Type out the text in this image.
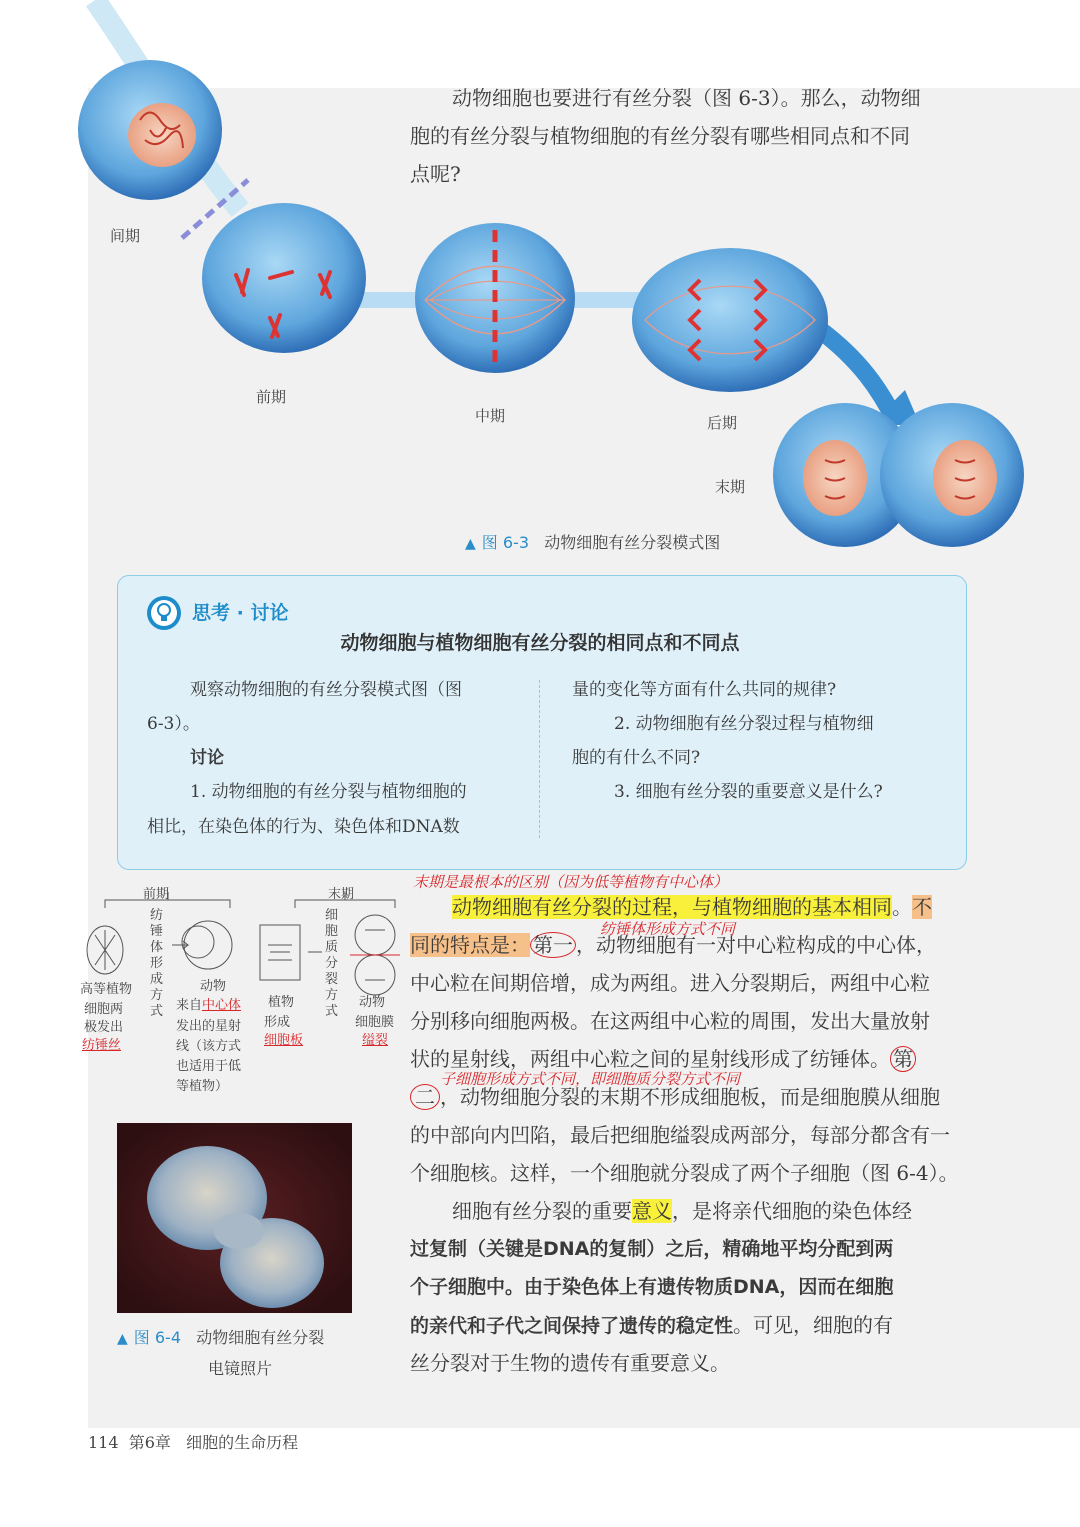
间期
前期
中期	后期
末期
▲ 图 6-3 动物细胞有丝分裂模式图
动物细胞也要进行有丝分裂（图 6-3）。那么，动物细
胞的有丝分裂与植物细胞的有丝分裂有哪些相同点和不同
点呢?
思考 · 讨论
动物细胞与植物细胞有丝分裂的相同点和不同点
观察动物细胞的有丝分裂模式图（图
6-3）。
讨论
1. 动物细胞的有丝分裂与植物细胞的
相比，在染色体的行为、染色体和DNA数
量的变化等方面有什么共同的规律?
2. 动物细胞有丝分裂过程与植物细
胞的有什么不同?
3. 细胞有丝分裂的重要意义是什么?
前期	末期
纺锤体形成方式
细胞质分裂方式
高等植物
细胞两
极发出
纺锤丝
动物
来自中心体
发出的星射
线（该方式
也适用于低
等植物）
植物
形成
细胞板
动物
细胞膜
缢裂
末期是最根本的区别（因为低等植物有中心体）
纺锤体形成方式不同
子细胞形成方式不同，即细胞质分裂方式不同
动物细胞有丝分裂的过程，与植物细胞的基本相同。不
同的特点是： 第一 ，动物细胞有一对中心粒构成的中心体，
中心粒在间期倍增，成为两组。进入分裂期后，两组中心粒
分别移向细胞两极。在这两组中心粒的周围，发出大量放射
状的星射线，两组中心粒之间的星射线形成了纺锤体。 第
二 ，动物细胞分裂的末期不形成细胞板，而是细胞膜从细胞
的中部向内凹陷，最后把细胞缢裂成两部分，每部分都含有一
个细胞核。这样，一个细胞就分裂成了两个子细胞（图 6-4）。
细胞有丝分裂的重要意义，是将亲代细胞的染色体经
过复制（关键是DNA的复制）之后，精确地平均分配到两
个子细胞中。由于染色体上有遗传物质DNA，因而在细胞
的亲代和子代之间保持了遗传的稳定性。可见，细胞的有
丝分裂对于生物的遗传有重要意义。
▲ 图 6-4 动物细胞有丝分裂
电镜照片
114 第6章 细胞的生命历程
